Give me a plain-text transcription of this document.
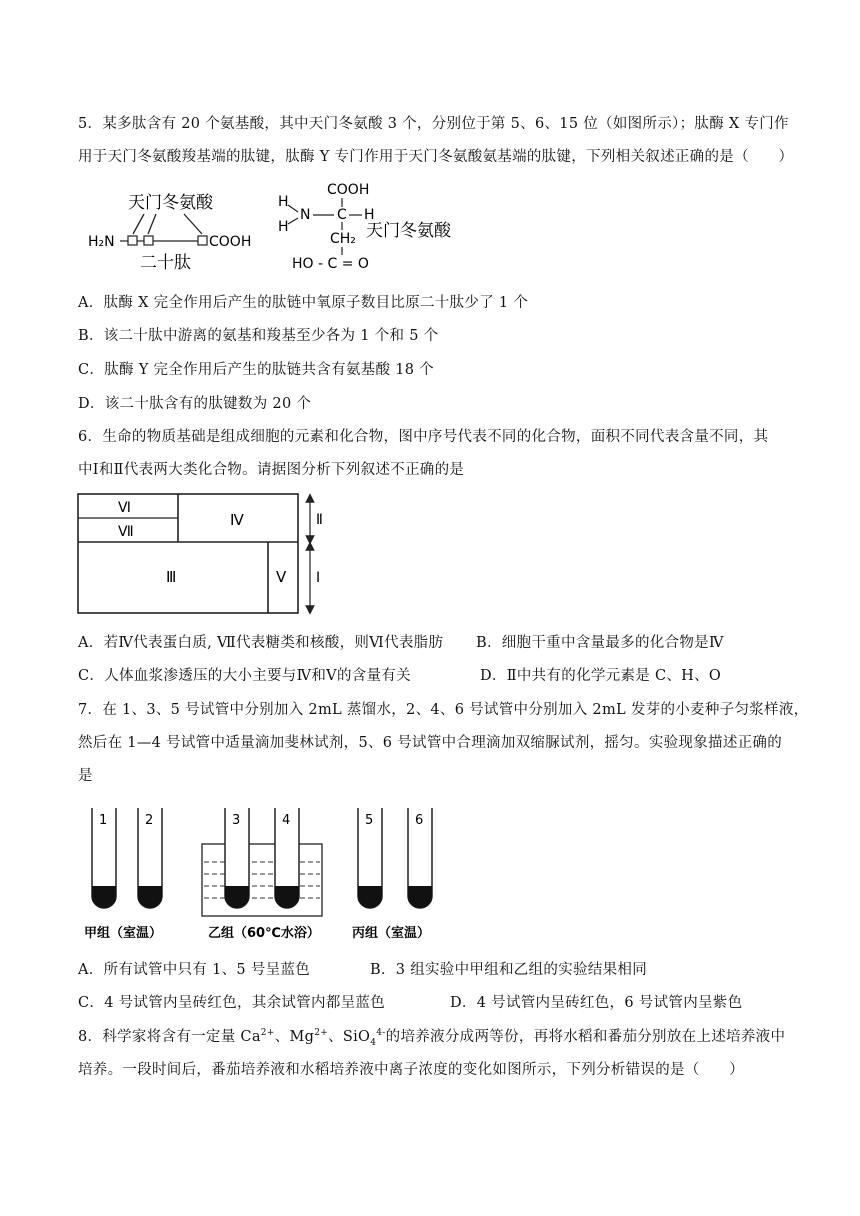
5．某多肽含有 20 个氨基酸，其中天门冬氨酸 3 个，分别位于第 5、6、15 位（如图所示）；肽酶 X 专门作
用于天门冬氨酸羧基端的肽键，肽酶 Y 专门作用于天门冬氨酸氨基端的肽键，下列相关叙述正确的是（　　）
天门冬氨酸
H₂N	COOH
二十肽
COOH
H
H
N C H
CH₂
HO - C = O
天门冬氨酸
A．肽酶 X 完全作用后产生的肽链中氧原子数目比原二十肽少了 1 个
B．该二十肽中游离的氨基和羧基至少各为 1 个和 5 个
C．肽酶 Y 完全作用后产生的肽链共含有氨基酸 18 个
D．该二十肽含有的肽键数为 20 个
6．生命的物质基础是组成细胞的元素和化合物，图中序号代表不同的化合物，面积不同代表含量不同，其
中Ⅰ和Ⅱ代表两大类化合物。请据图分析下列叙述不正确的是
Ⅵ
Ⅶ
Ⅳ
Ⅲ	Ⅴ
Ⅱ
Ⅰ
A．若Ⅳ代表蛋白质, Ⅶ代表糖类和核酸，则Ⅵ代表脂肪 B．细胞干重中含量最多的化合物是Ⅳ
C．人体血浆渗透压的大小主要与Ⅳ和Ⅴ的含量有关	D．Ⅱ中共有的化学元素是 C、H、O
7．在 1、3、5 号试管中分别加入 2mL 蒸馏水，2、4、6 号试管中分别加入 2mL 发芽的小麦种子匀浆样液，
然后在 1—4 号试管中适量滴加斐林试剂，5、6 号试管中合理滴加双缩脲试剂，摇匀。实验现象描述正确的
是
1	2	3	4	5	6
甲组（室温）	乙组（60℃水浴） 丙组（室温）
A．所有试管中只有 1、5 号呈蓝色	B．3 组实验中甲组和乙组的实验结果相同
C．4 号试管内呈砖红色，其余试管内都呈蓝色	D．4 号试管内呈砖红色，6 号试管内呈紫色
8．科学家将含有一定量 $Ca^{2+}$、$Mg^{2+}$、SiO$_4^{4-}$的培养液分成两等份，再将水稻和番茄分别放在上述培养液中
培养。一段时间后，番茄培养液和水稻培养液中离子浓度的变化如图所示，下列分析错误的是（　　）
